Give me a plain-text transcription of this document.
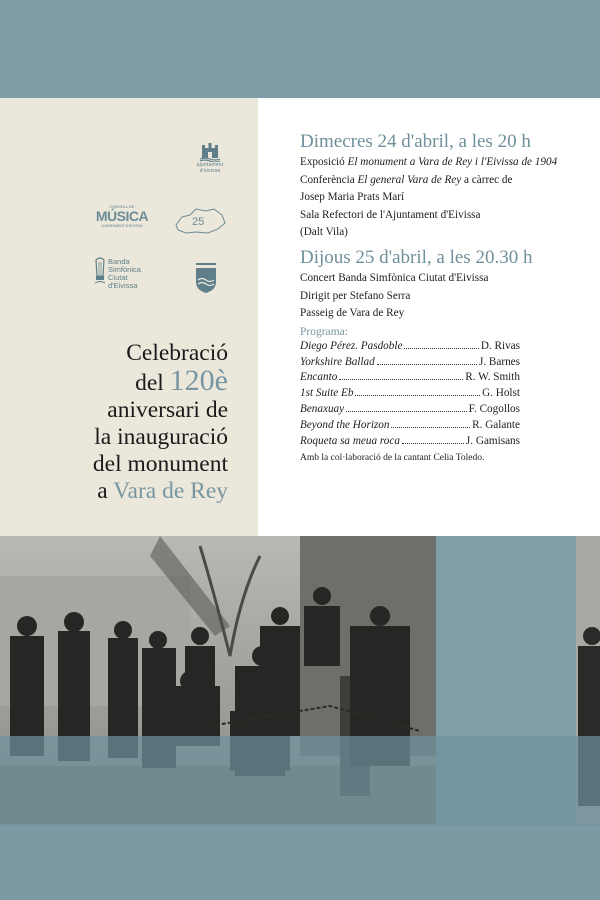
ajuntament d'eivissa
CONSELL DE
MÚSICA
AJUNTAMENT D'EIVISSA	25
Banda
Simfònica
Ciutat
d'Eivissa
Celebració
del 120è
aniversari de
la inauguració
del monument
a Vara de Rey
Dimecres 24 d'abril, a les 20 h
Exposició El monument a Vara de Rey i l'Eivissa de 1904
Conferència El general Vara de Rey a càrrec de
Josep Maria Prats Marí
Sala Refectori de l'Ajuntament d'Eivissa
(Dalt Vila)
Dijous 25 d'abril, a les 20.30 h
Concert Banda Simfònica Ciutat d'Eivissa
Dirigit per Stefano Serra
Passeig de Vara de Rey
Programa:
Diego Pérez. Pasdoble	D. Rivas
Yorkshire Ballad	J. Barnes
Encanto	R. W. Smith
1st Suite Eb	G. Holst
Benaxuay	F. Cogollos
Beyond the Horizon	R. Galante
Roqueta sa meua roca	J. Gamisans
Amb la col·laboració de la cantant Celia Toledo.
